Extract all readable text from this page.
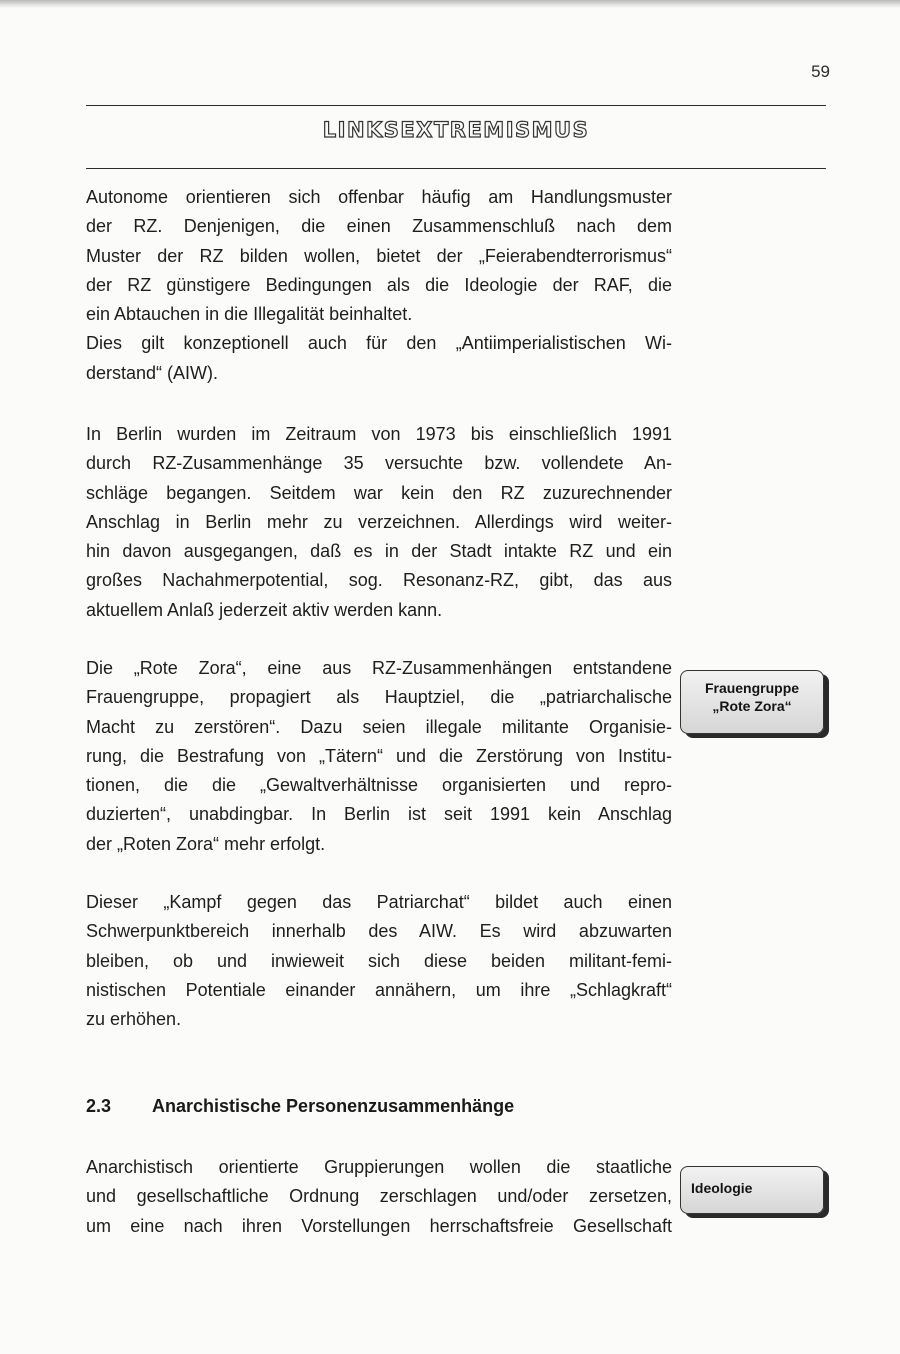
59
LINKSEXTREMISMUS

Autonome orientieren sich offenbar häufig am Handlungsmuster
der RZ. Denjenigen, die einen Zusammenschluß nach dem
Muster der RZ bilden wollen, bietet der „Feierabendterrorismus“
der RZ günstigere Bedingungen als die Ideologie der RAF, die
ein Abtauchen in die Illegalität beinhaltet.
Dies gilt konzeptionell auch für den „Antiimperialistischen Wi-
derstand“ (AIW).

In Berlin wurden im Zeitraum von 1973 bis einschließlich 1991
durch RZ-Zusammenhänge 35 versuchte bzw. vollendete An-
schläge begangen. Seitdem war kein den RZ zuzurechnender
Anschlag in Berlin mehr zu verzeichnen. Allerdings wird weiter-
hin davon ausgegangen, daß es in der Stadt intakte RZ und ein
großes Nachahmerpotential, sog. Resonanz-RZ, gibt, das aus
aktuellem Anlaß jederzeit aktiv werden kann.

Die „Rote Zora“, eine aus RZ-Zusammenhängen entstandene
Frauengruppe, propagiert als Hauptziel, die „patriarchalische
Macht zu zerstören“. Dazu seien illegale militante Organisie-
rung, die Bestrafung von „Tätern“ und die Zerstörung von Institu-
tionen, die die „Gewaltverhältnisse organisierten und repro-
duzierten“, unabdingbar. In Berlin ist seit 1991 kein Anschlag
der „Roten Zora“ mehr erfolgt.

Frauengruppe
„Rote Zora“

Dieser „Kampf gegen das Patriarchat“ bildet auch einen
Schwerpunktbereich innerhalb des AIW. Es wird abzuwarten
bleiben, ob und inwieweit sich diese beiden militant-femi-
nistischen Potentiale einander annähern, um ihre „Schlagkraft“
zu erhöhen.

2.3 Anarchistische Personenzusammenhänge

Anarchistisch orientierte Gruppierungen wollen die staatliche
und gesellschaftliche Ordnung zerschlagen und/oder zersetzen,
um eine nach ihren Vorstellungen herrschaftsfreie Gesellschaft

Ideologie
